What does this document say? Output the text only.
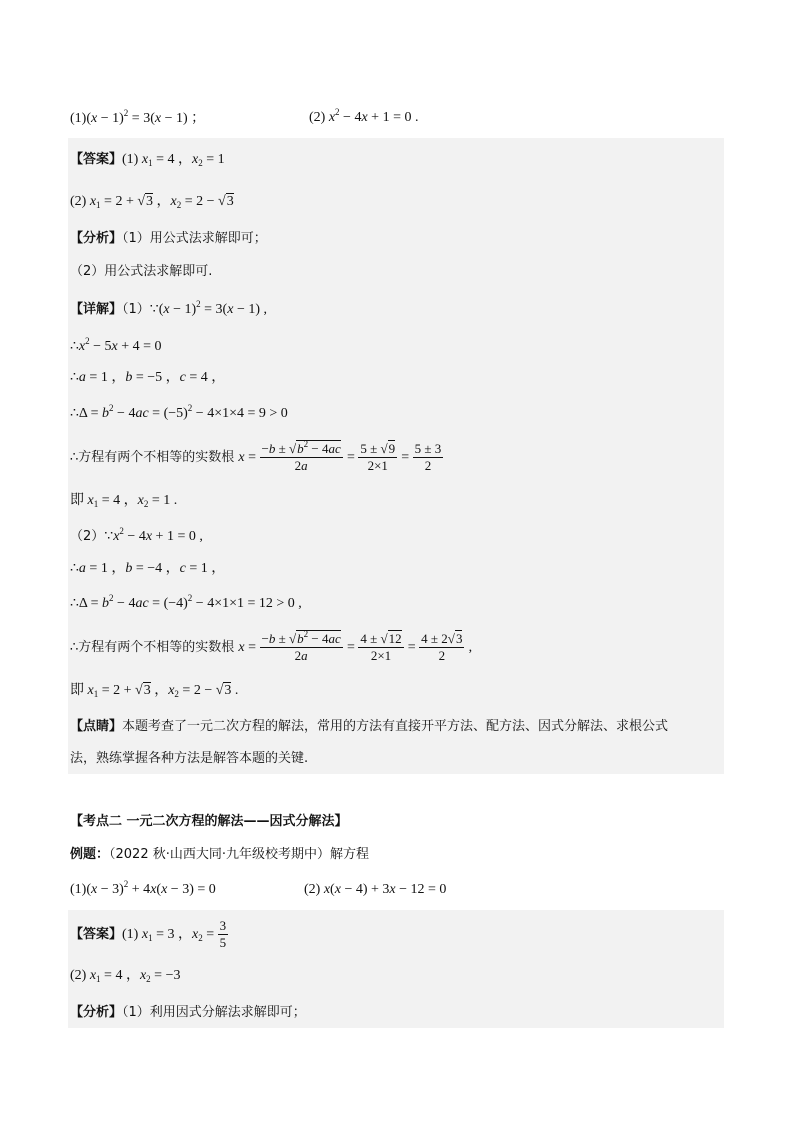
$(1)(x - 1)^2 = 3(x - 1)$ ；	(2) $x^2 - 4x + 1 = 0$ .
【答案】(1) $x_1 = 4$ ，$x_2 = 1$
(2) $x_1 = 2 + √3$ ，$x_2 = 2 - √3$
【分析】（1）用公式法求解即可；
（2）用公式法求解即可.
【详解】（1）∵(x − 1)$^2$ = 3(x − 1) ,
$\therefore x^2 - 5x + 4 = 0$
∴a = 1 ，b = −5 ，c = 4 ，
∴Δ = $b^2 - 4ac = (-5)^2 - 4\times 1\times 4 = 9 > 0$
∴方程有两个不相等的实数根 $x = \frac{-b \pm √b^2 - 4ac}{2a} = \frac{5 \pm √9}{2\times 1} = \frac{5 \pm 3}{2}$
即 $x_1 = 4$ ，$x_2 = 1$ .
$(2)\because x^2 - 4x + 1 = 0$ ,
∴a = 1 ，b = −4 ，c = 1 ，
∴Δ = $b^2 - 4ac = (-4)^2 - 4\times 1\times 1 = 12 > 0$ ,
∴方程有两个不相等的实数根 $x = \frac{-b \pm √b^2 - 4ac}{2a} = \frac{4 \pm √12}{2\times 1} = \frac{4 \pm 2√3}{2}$ ,
即 $x_1 = 2 + √3$ ，$x_2 = 2 - √3$ .
【点睛】本题考查了一元二次方程的解法，常用的方法有直接开平方法、配方法、因式分解法、求根公式
法，熟练掌握各种方法是解答本题的关键.
【考点二 一元二次方程的解法——因式分解法】
例题：（2022 秋·山西大同·九年级校考期中）解方程
$(1)(x - 3)^2 + 4x(x - 3) = 0$	(2) x(x − 4) + 3x − 12 = 0
【答案】(1) $x_1 = 3$ ，$x_2 = \frac{3}{5}$
(2) $x_1 = 4$ ，$x_2 = -3$
【分析】（1）利用因式分解法求解即可；
